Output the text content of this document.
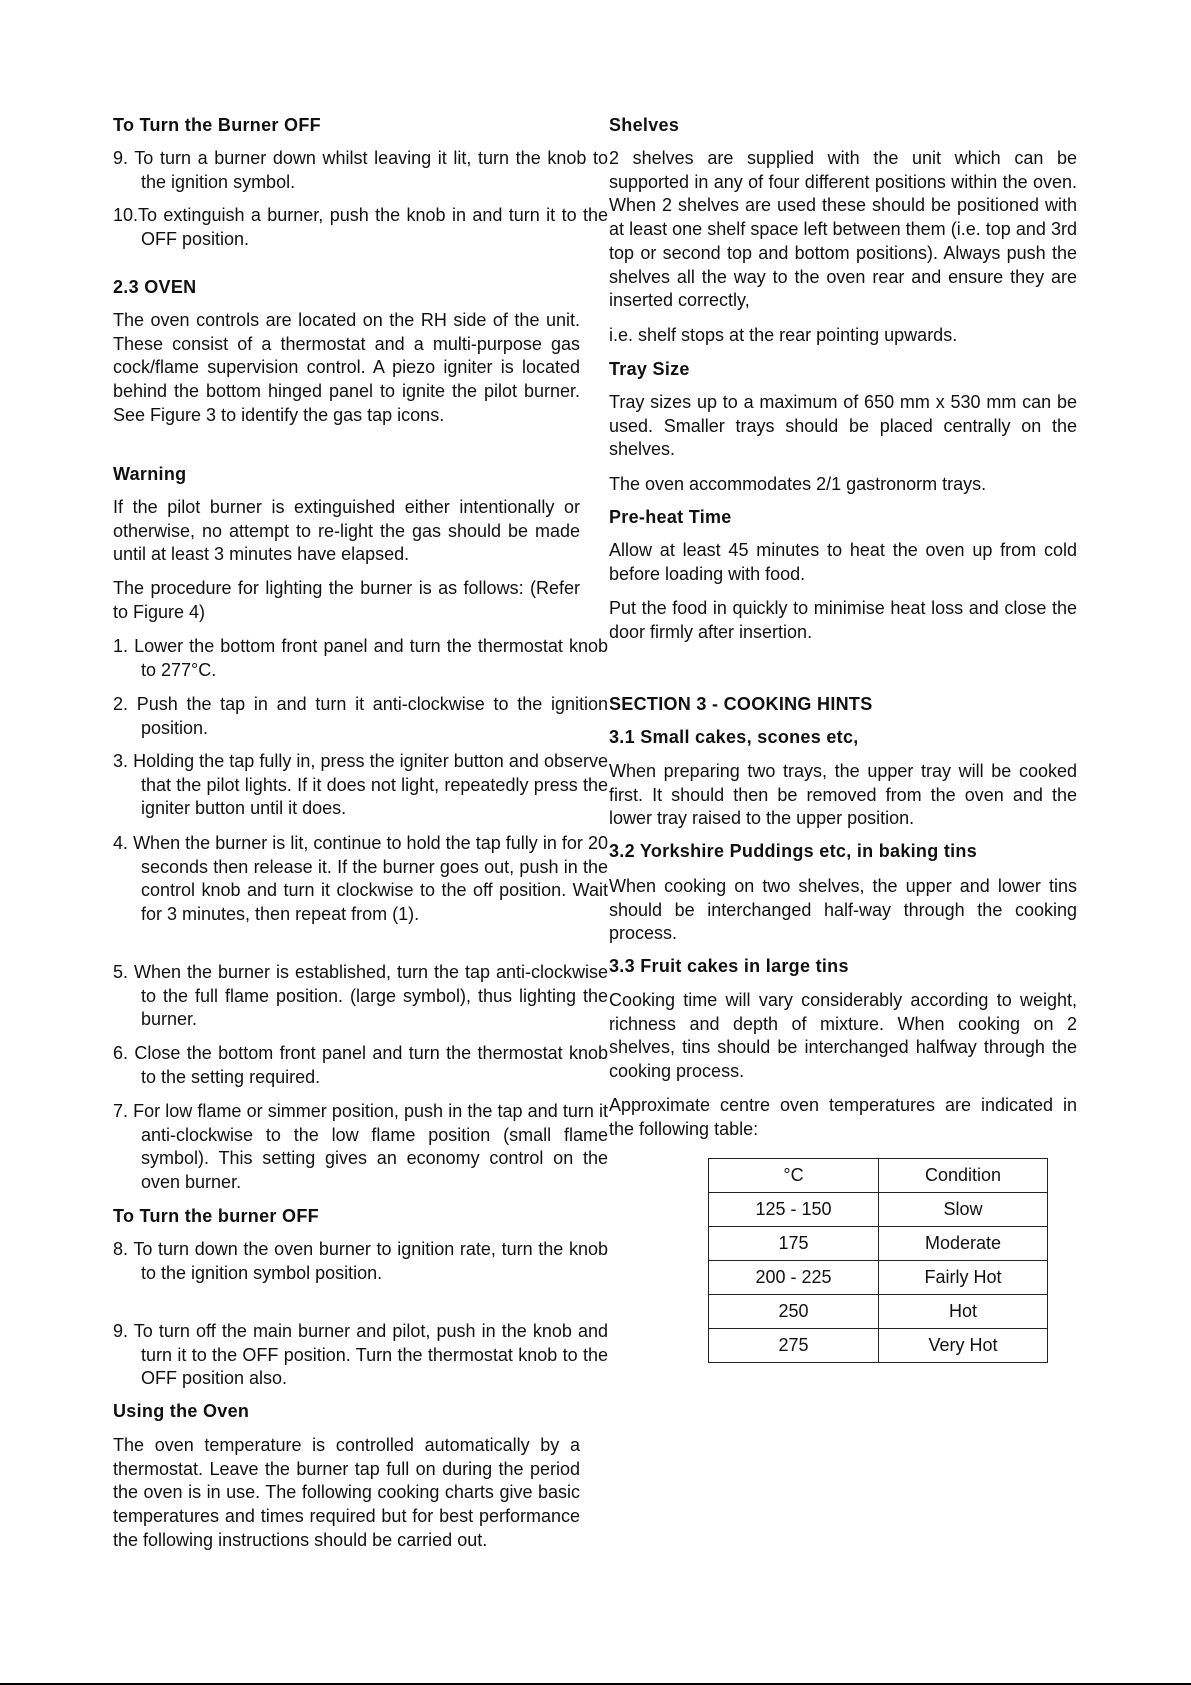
To Turn the Burner OFF
9. To turn a burner down whilst leaving it lit, turn the knob to the ignition symbol.
10.To extinguish a burner, push the knob in and turn it to the OFF position.
2.3 OVEN
The oven controls are located on the RH side of the unit. These consist of a thermostat and a multi-purpose gas cock/flame supervision control. A piezo igniter is located behind the bottom hinged panel to ignite the pilot burner. See Figure 3 to identify the gas tap icons.
Warning
If the pilot burner is extinguished either intentionally or otherwise, no attempt to re-light the gas should be made until at least 3 minutes have elapsed.
The procedure for lighting the burner is as follows: (Refer to Figure 4)
1. Lower the bottom front panel and turn the thermostat knob to 277°C.
2. Push the tap in and turn it anti-clockwise to the ignition position.
3. Holding the tap fully in, press the igniter button and observe that the pilot lights. If it does not light, repeatedly press the igniter button until it does.
4. When the burner is lit, continue to hold the tap fully in for 20 seconds then release it. If the burner goes out, push in the control knob and turn it clockwise to the off position. Wait for 3 minutes, then repeat from (1).
5. When the burner is established, turn the tap anti-clockwise to the full flame position. (large symbol), thus lighting the burner.
6. Close the bottom front panel and turn the thermostat knob to the setting required.
7. For low flame or simmer position, push in the tap and turn it anti-clockwise to the low flame position (small flame symbol). This setting gives an economy control on the oven burner.
To Turn the burner OFF
8. To turn down the oven burner to ignition rate, turn the knob to the ignition symbol position.
9. To turn off the main burner and pilot, push in the knob and turn it to the OFF position. Turn the thermostat knob to the OFF position also.
Using the Oven
The oven temperature is controlled automatically by a thermostat. Leave the burner tap full on during the period the oven is in use. The following cooking charts give basic temperatures and times required but for best performance the following instructions should be carried out.
Shelves
2 shelves are supplied with the unit which can be supported in any of four different positions within the oven. When 2 shelves are used these should be positioned with at least one shelf space left between them (i.e. top and 3rd top or second top and bottom positions). Always push the shelves all the way to the oven rear and ensure they are inserted correctly,
i.e. shelf stops at the rear pointing upwards.
Tray Size
Tray sizes up to a maximum of 650 mm x 530 mm can be used. Smaller trays should be placed centrally on the shelves.
The oven accommodates 2/1 gastronorm trays.
Pre-heat Time
Allow at least 45 minutes to heat the oven up from cold before loading with food.
Put the food in quickly to minimise heat loss and close the door firmly after insertion.
SECTION 3 - COOKING HINTS
3.1 Small cakes, scones etc,
When preparing two trays, the upper tray will be cooked first. It should then be removed from the oven and the lower tray raised to the upper position.
3.2 Yorkshire Puddings etc, in baking tins
When cooking on two shelves, the upper and lower tins should be interchanged half-way through the cooking process.
3.3 Fruit cakes in large tins
Cooking time will vary considerably according to weight, richness and depth of mixture. When cooking on 2 shelves, tins should be interchanged halfway through the cooking process.
Approximate centre oven temperatures are indicated in the following table:
°C	Condition
125 - 150	Slow
175	Moderate
200 - 225	Fairly Hot
250	Hot
275	Very Hot
